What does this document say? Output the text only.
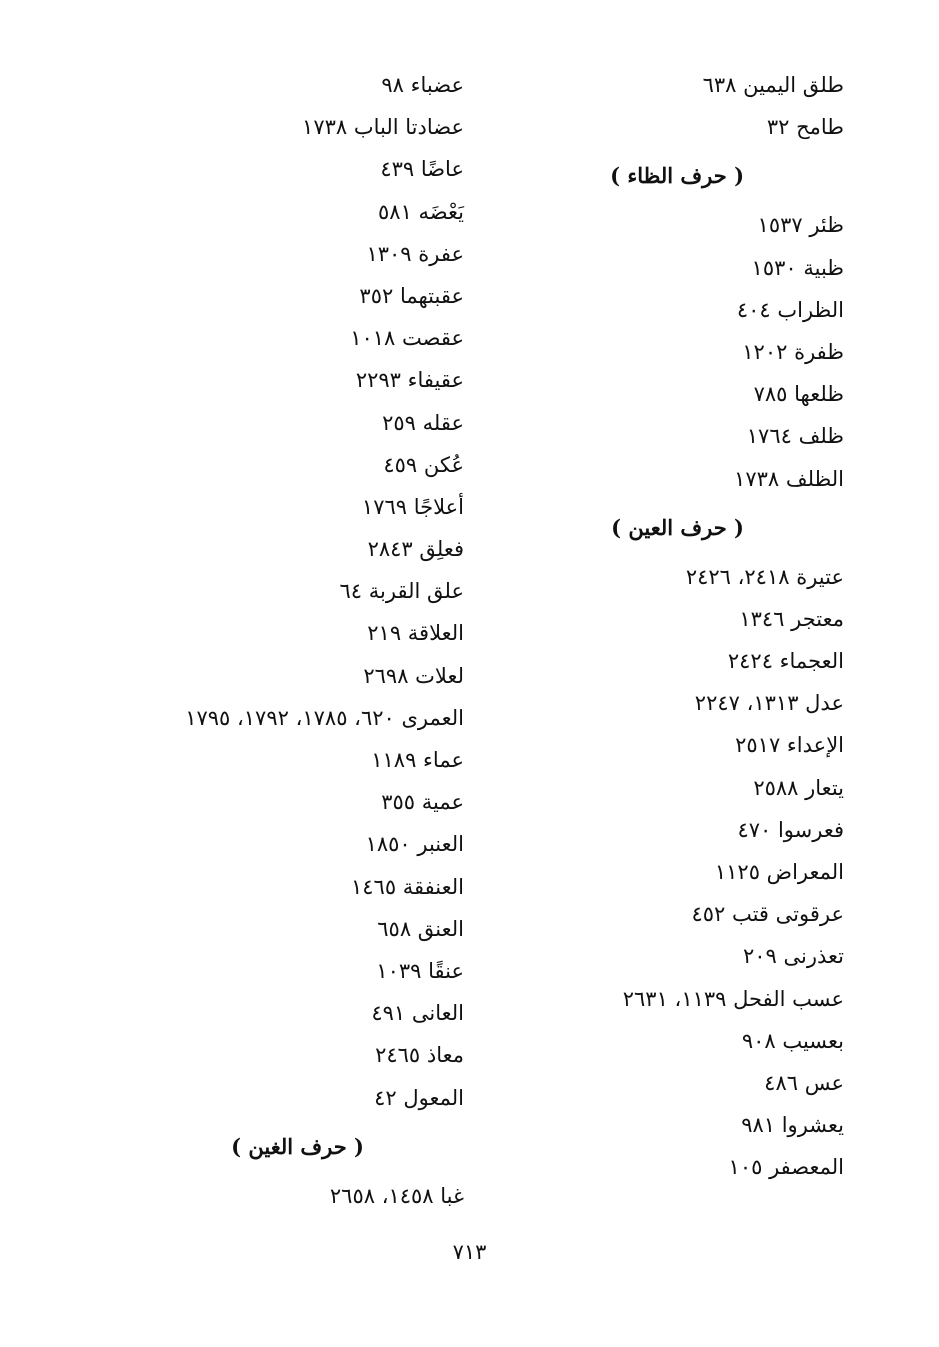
طلق اليمين ٦٣٨
طامح ٣٢
( حرف الظاء )
ظئر ١٥٣٧
ظبية ١٥٣٠
الظراب ٤٠٤
ظفرة ١٢٠٢
ظلعها ٧٨٥
ظلف ١٧٦٤
الظلف ١٧٣٨
( حرف العين )
عتيرة ٢٤١٨، ٢٤٢٦
معتجر ١٣٤٦
العجماء ٢٤٢٤
عدل ١٣١٣، ٢٢٤٧
الإعداء ٢٥١٧
يتعار ٢٥٨٨
فعرسوا ٤٧٠
المعراض ١١٢٥
عرقوتى قتب ٤٥٢
تعذرنى ٢٠٩
عسب الفحل ١١٣٩، ٢٦٣١
بعسيب ٩٠٨
عس ٤٨٦
يعشروا ٩٨١
المعصفر ١٠٥
عضباء ٩٨
عضادتا الباب ١٧٣٨
عاضًا ٤٣٩
يَعْضَه ٥٨١
عفرة ١٣٠٩
عقبتهما ٣٥٢
عقصت ١٠١٨
عقيفاء ٢٢٩٣
عقله ٢٥٩
عُكن ٤٥٩
أعلاجًا ١٧٦٩
فعلِق ٢٨٤٣
علق القربة ٦٤
العلاقة ٢١٩
لعلات ٢٦٩٨
العمرى ٦٢٠، ١٧٨٥، ١٧٩٢، ١٧٩٥
عماء ١١٨٩
عمية ٣٥٥
العنبر ١٨٥٠
العنفقة ١٤٦٥
العنق ٦٥٨
عنقًا ١٠٣٩
العانى ٤٩١
معاذ ٢٤٦٥
المعول ٤٢
( حرف الغين )
غبا ١٤٥٨، ٢٦٥٨
٧١٣
